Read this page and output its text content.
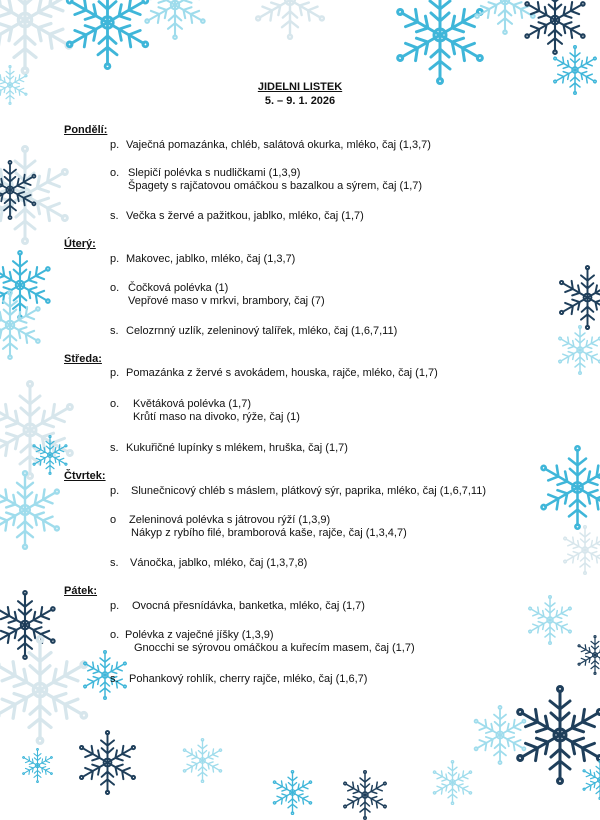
JIDELNI LISTEK

5. – 9. 1. 2026

Pondělí:

p. Vaječná pomazánka, chléb, salátová okurka, mléko, čaj (1,3,7)
o. Slepičí polévka s nudličkami (1,3,9)
Špagety s rajčatovou omáčkou s bazalkou a sýrem, čaj (1,7)
s. Večka s žervé a pažitkou, jablko, mléko, čaj (1,7)

Úterý:

p. Makovec, jablko, mléko, čaj (1,3,7)
o. Čočková polévka (1)
Vepřové maso v mrkvi, brambory, čaj (7)
s. Celozrnný uzlík, zeleninový talířek, mléko, čaj (1,6,7,11)

Středa:

p. Pomazánka z žervé s avokádem, houska, rajče, mléko, čaj (1,7)
o. Květáková polévka (1,7)
Krůtí maso na divoko, rýže, čaj (1)
s. Kukuřičné lupínky s mlékem, hruška, čaj (1,7)

Čtvrtek:

p. Slunečnicový chléb s máslem, plátkový sýr, paprika, mléko, čaj (1,6,7,11)
o Zeleninová polévka s játrovou rýží (1,3,9)
Nákyp z rybího filé, bramborová kaše, rajče, čaj (1,3,4,7)
s. Vánočka, jablko, mléko, čaj (1,3,7,8)

Pátek:

p. Ovocná přesnídávka, banketka, mléko, čaj (1,7)
o. Polévka z vaječné jíšky (1,3,9)
Gnocchi se sýrovou omáčkou a kuřecím masem, čaj (1,7)
s. Pohankový rohlík, cherry rajče, mléko, čaj (1,6,7)
